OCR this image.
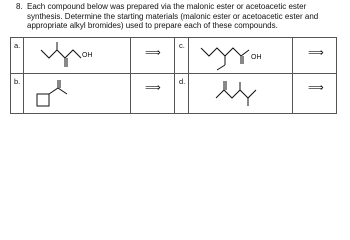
8. Each compound below was prepared via the malonic ester or acetoacetic ester synthesis. Determine the starting materials (malonic ester or acetoacetic ester and appropriate alkyl bromides) used to prepare each of these compounds.
a.
b.
c.
d.
OH	⟹
⟹
OH	⟹
⟹
